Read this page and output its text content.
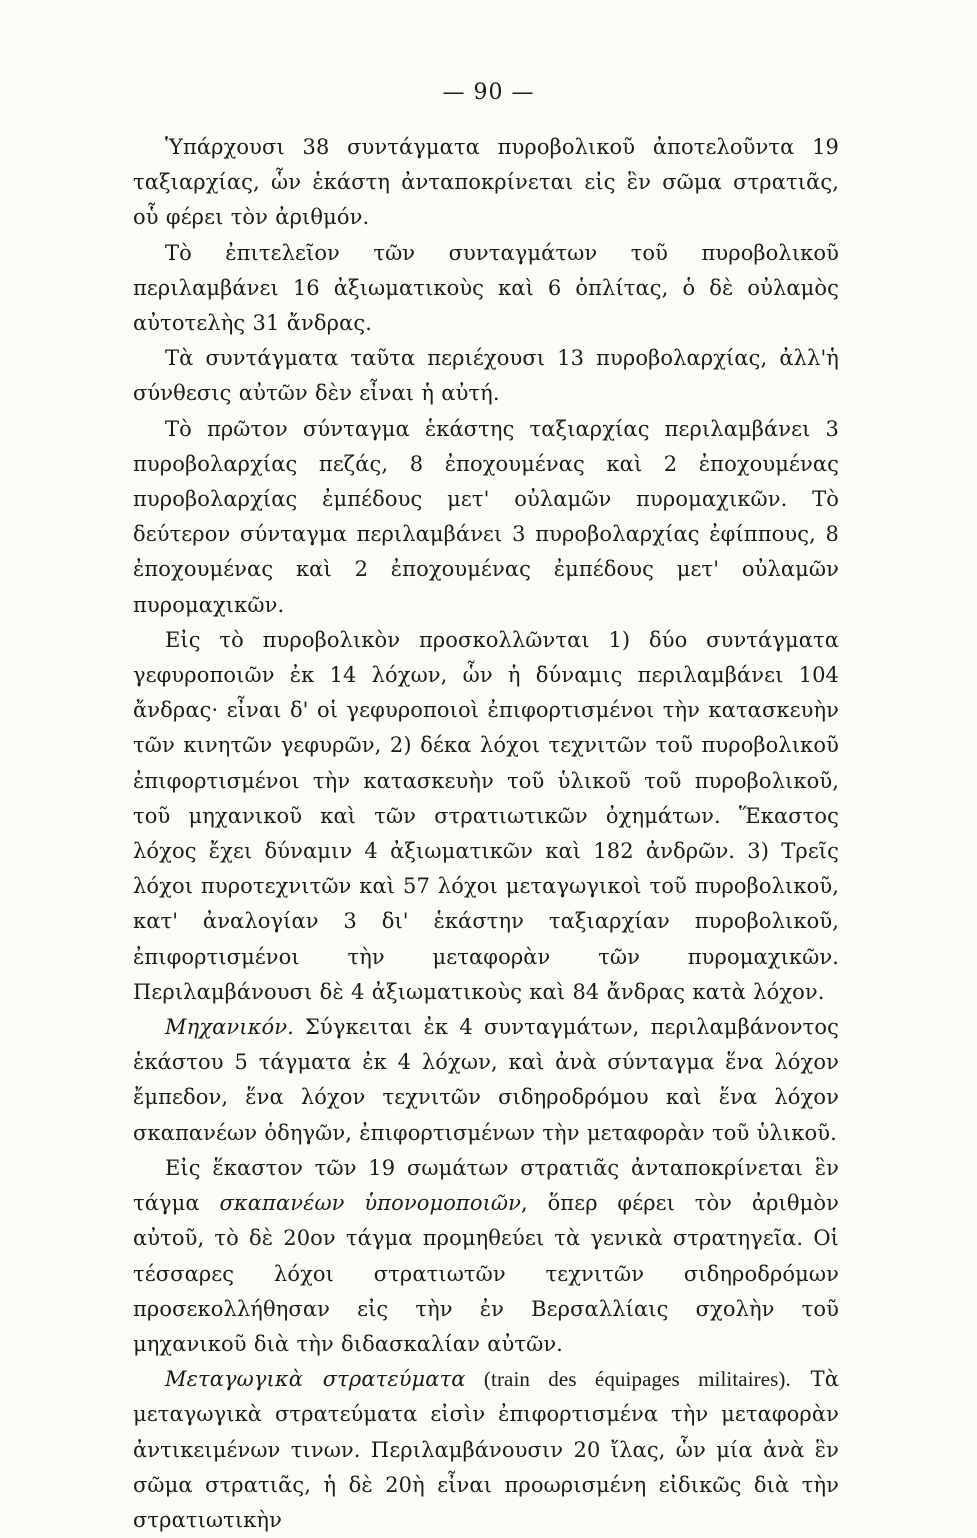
— 90 —

Ὑπάρχουσι 38 συντάγματα πυροβολικοῦ ἀποτελοῦντα 19 ταξιαρχίας, ὧν ἑκάστη ἀνταποκρίνεται εἰς ἓν σῶμα στρατιᾶς, οὗ φέρει τὸν ἀριθμόν.

Τὸ ἐπιτελεῖον τῶν συνταγμάτων τοῦ πυροβολικοῦ περιλαμβάνει 16 ἀξιωματικοὺς καὶ 6 ὁπλίτας, ὁ δὲ οὐλαμὸς αὐτοτελὴς 31 ἄνδρας.

Τὰ συντάγματα ταῦτα περιέχουσι 13 πυροβολαρχίας, ἀλλ'ἡ σύνθεσις αὐτῶν δὲν εἶναι ἡ αὐτή.

Τὸ πρῶτον σύνταγμα ἑκάστης ταξιαρχίας περιλαμβάνει 3 πυροβολαρχίας πεζάς, 8 ἐποχουμένας καὶ 2 ἐποχουμένας πυροβολαρχίας ἐμπέδους μετ' οὐλαμῶν πυρομαχικῶν. Τὸ δεύτερον σύνταγμα περιλαμβάνει 3 πυροβολαρχίας ἐφίππους, 8 ἐποχουμένας καὶ 2 ἐποχουμένας ἐμπέδους μετ' οὐλαμῶν πυρομαχικῶν.

Εἰς τὸ πυροβολικὸν προσκολλῶνται 1) δύο συντάγματα γεφυροποιῶν ἐκ 14 λόχων, ὧν ἡ δύναμις περιλαμβάνει 104 ἄνδρας· εἶναι δ' οἱ γεφυροποιοὶ ἐπιφορτισμένοι τὴν κατασκευὴν τῶν κινητῶν γεφυρῶν, 2) δέκα λόχοι τεχνιτῶν τοῦ πυροβολικοῦ ἐπιφορτισμένοι τὴν κατασκευὴν τοῦ ὑλικοῦ τοῦ πυροβολικοῦ, τοῦ μηχανικοῦ καὶ τῶν στρατιωτικῶν ὀχημάτων. Ἕκαστος λόχος ἔχει δύναμιν 4 ἀξιωματικῶν καὶ 182 ἀνδρῶν. 3) Τρεῖς λόχοι πυροτεχνιτῶν καὶ 57 λόχοι μεταγωγικοὶ τοῦ πυροβολικοῦ, κατ' ἀναλογίαν 3 δι' ἑκάστην ταξιαρχίαν πυροβολικοῦ, ἐπιφορτισμένοι τὴν μεταφορὰν τῶν πυρομαχικῶν. Περιλαμβάνουσι δὲ 4 ἀξιωματικοὺς καὶ 84 ἄνδρας κατὰ λόχον.

Μηχανικόν. Σύγκειται ἐκ 4 συνταγμάτων, περιλαμβάνοντος ἑκάστου 5 τάγματα ἐκ 4 λόχων, καὶ ἀνὰ σύνταγμα ἕνα λόχον ἔμπεδον, ἕνα λόχον τεχνιτῶν σιδηροδρόμου καὶ ἕνα λόχον σκαπανέων ὁδηγῶν, ἐπιφορτισμένων τὴν μεταφορὰν τοῦ ὑλικοῦ.

Εἰς ἕκαστον τῶν 19 σωμάτων στρατιᾶς ἀνταποκρίνεται ἓν τάγμα σκαπανέων ὑπονομοποιῶν, ὅπερ φέρει τὸν ἀριθμὸν αὐτοῦ, τὸ δὲ 20ον τάγμα προμηθεύει τὰ γενικὰ στρατηγεῖα. Οἱ τέσσαρες λόχοι στρατιωτῶν τεχνιτῶν σιδηροδρόμων προσεκολλήθησαν εἰς τὴν ἐν Βερσαλλίαις σχολὴν τοῦ μηχανικοῦ διὰ τὴν διδασκαλίαν αὐτῶν.

Μεταγωγικὰ στρατεύματα (train des équipages militaires). Τὰ μεταγωγικὰ στρατεύματα εἰσὶν ἐπιφορτισμένα τὴν μεταφορὰν ἀντικειμένων τινων. Περιλαμβάνουσιν 20 ἴλας, ὧν μία ἀνὰ ἓν σῶμα στρατιᾶς, ἡ δὲ 20ὴ εἶναι προωρισμένη εἰδικῶς διὰ τὴν στρατιωτικὴν
